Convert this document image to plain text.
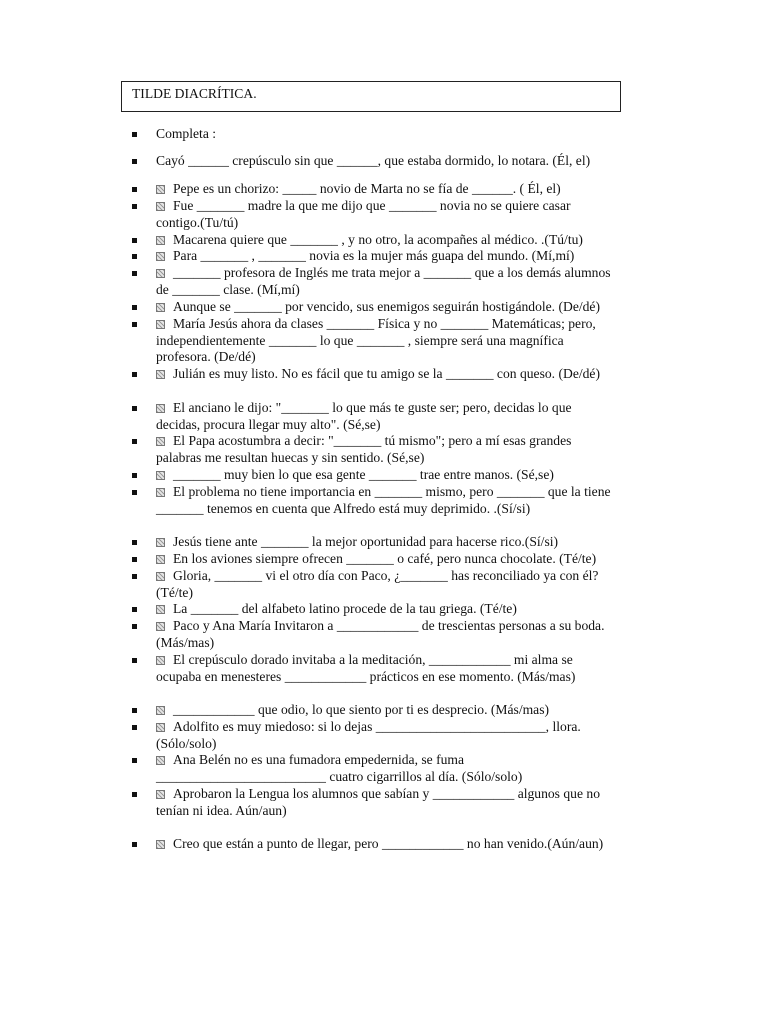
TILDE DIACRÍTICA.
Completa :
Cayó ______ crepúsculo sin que ______, que estaba dormido, lo notara. (Él, el)
Pepe es un chorizo: _____ novio de Marta no se fía de ______. ( Él, el)
Fue _______ madre la que me dijo que _______ novia no se quiere casar
contigo.(Tu/tú)
Macarena quiere que _______ , y no otro, la acompañes al médico. .(Tú/tu)
Para _______ , _______ novia es la mujer más guapa del mundo. (Mí,mí)
_______ profesora de Inglés me trata mejor a _______ que a los demás alumnos
de _______ clase. (Mí,mí)
Aunque se _______ por vencido, sus enemigos seguirán hostigándole. (De/dé)
María Jesús ahora da clases _______ Física y no _______ Matemáticas; pero,
independientemente _______ lo que _______ , siempre será una magnífica
profesora. (De/dé)
Julián es muy listo. No es fácil que tu amigo se la _______ con queso. (De/dé)
El anciano le dijo: "_______ lo que más te guste ser; pero, decidas lo que
decidas, procura llegar muy alto". (Sé,se)
El Papa acostumbra a decir: "_______ tú mismo"; pero a mí esas grandes
palabras me resultan huecas y sin sentido. (Sé,se)
_______ muy bien lo que esa gente _______ trae entre manos. (Sé,se)
El problema no tiene importancia en _______ mismo, pero _______ que la tiene
_______ tenemos en cuenta que Alfredo está muy deprimido. .(Sí/si)
Jesús tiene ante _______ la mejor oportunidad para hacerse rico.(Sí/si)
En los aviones siempre ofrecen _______ o café, pero nunca chocolate. (Té/te)
Gloria, _______ vi el otro día con Paco, ¿_______ has reconciliado ya con él?
(Té/te)
La _______ del alfabeto latino procede de la tau griega. (Té/te)
Paco y Ana María Invitaron a ____________ de trescientas personas a su boda.
(Más/mas)
El crepúsculo dorado invitaba a la meditación, ____________ mi alma se
ocupaba en menesteres ____________ prácticos en ese momento. (Más/mas)
____________ que odio, lo que siento por ti es desprecio. (Más/mas)
Adolfito es muy miedoso: si lo dejas _________________________, llora.
(Sólo/solo)
Ana Belén no es una fumadora empedernida, se fuma
_________________________ cuatro cigarrillos al día. (Sólo/solo)
Aprobaron la Lengua los alumnos que sabían y ____________ algunos que no
tenían ni idea. Aún/aun)
Creo que están a punto de llegar, pero ____________ no han venido.(Aún/aun)
